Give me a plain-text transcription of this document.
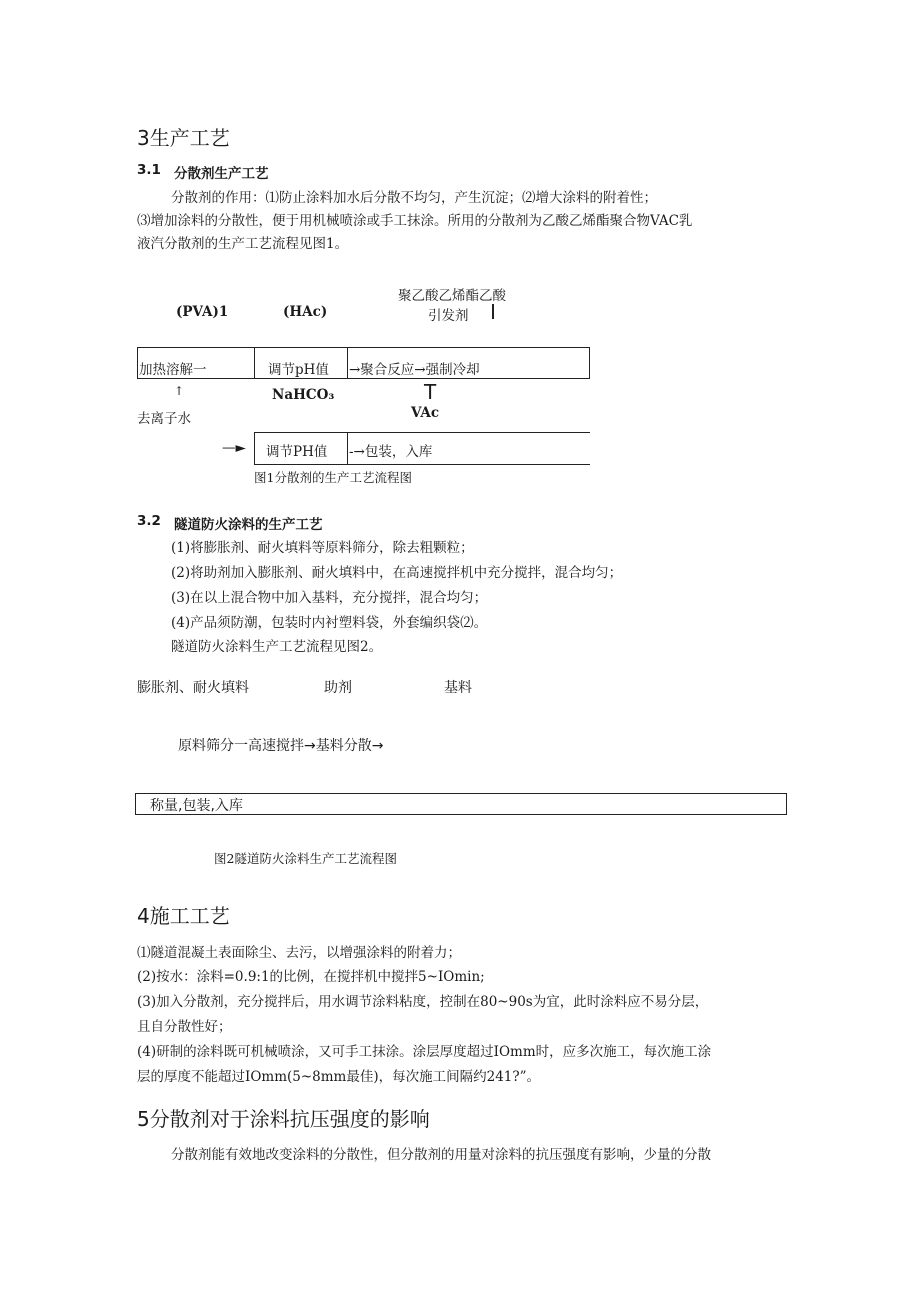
3生产工艺
3.1 分散剂生产工艺
分散剂的作用：⑴防止涂料加水后分散不均匀，产生沉淀；⑵增大涂料的附着性；
⑶增加涂料的分散性，便于用机械喷涂或手工抹涂。所用的分散剂为乙酸乙烯酯聚合物VAC乳
液汽分散剂的生产工艺流程见图1。
聚乙酸乙烯酯乙酸
引发剂
(PVA)1	(HAc)
加热溶解一	调节pH值 →聚合反应→强制冷却
↑
去离子水
NaHCO₃	T
VAc
—► 调节PH值 -→包装，入库
图1分散剂的生产工艺流程图
3.2 隧道防火涂料的生产工艺
(1)将膨胀剂、耐火填料等原料筛分，除去粗颗粒；
(2)将助剂加入膨胀剂、耐火填料中，在高速搅拌机中充分搅拌，混合均匀；
(3)在以上混合物中加入基料，充分搅拌，混合均匀；
(4)产品须防潮，包装时内衬塑料袋，外套编织袋⑵。
隧道防火涂料生产工艺流程见图2。
膨胀剂、耐火填料	助剂	基料
原料筛分一高速搅拌→基料分散→
称量,包装,入库
图2隧道防火涂料生产工艺流程图
4施工工艺
⑴隧道混凝土表面除尘、去污，以增强涂料的附着力；
(2)按水：涂料=0.9:1的比例，在搅拌机中搅拌5~IOmin;
(3)加入分散剂，充分搅拌后，用水调节涂料粘度，控制在80~90s为宜，此时涂料应不易分层，
且自分散性好；
(4)研制的涂料既可机械喷涂，又可手工抹涂。涂层厚度超过IOmm时，应多次施工，每次施工涂
层的厚度不能超过IOmm(5~8mm最佳)，每次施工间隔约241?”。
5分散剂对于涂料抗压强度的影响
分散剂能有效地改变涂料的分散性，但分散剂的用量对涂料的抗压强度有影响，少量的分散
